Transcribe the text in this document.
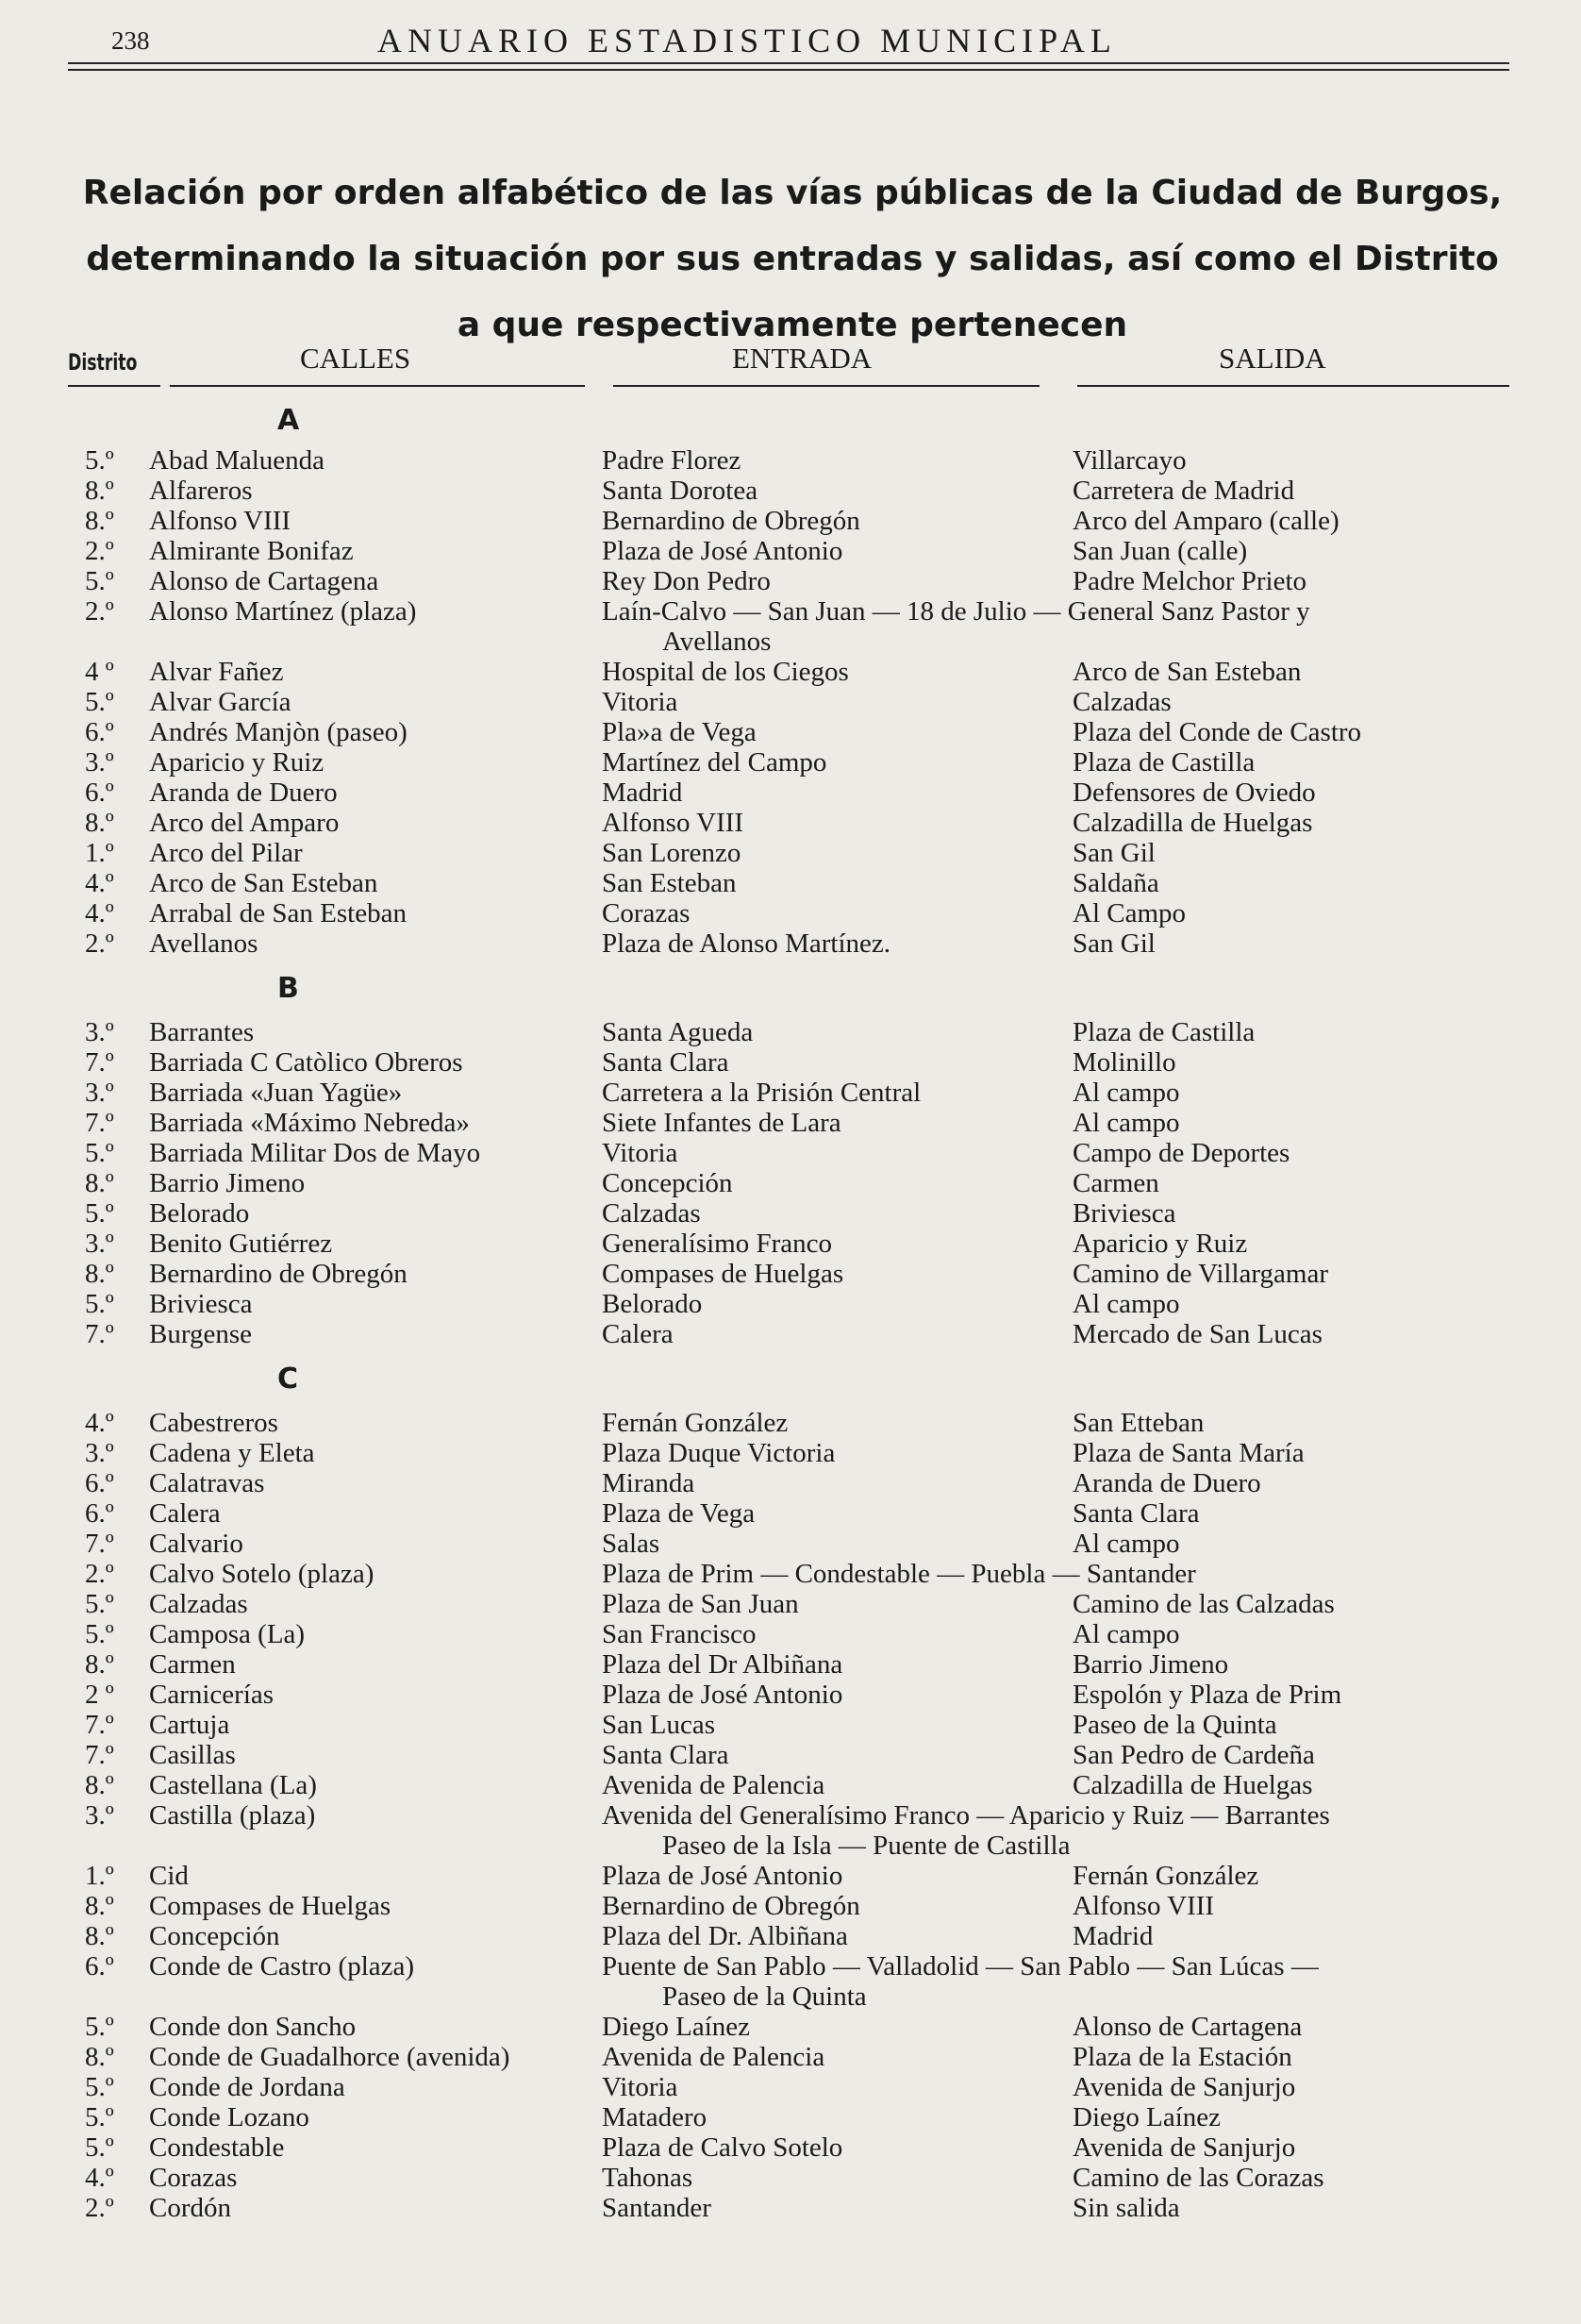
238	ANUARIO ESTADISTICO MUNICIPAL
Relación por orden alfabético de las vías públicas de la Ciudad de Burgos,
determinando la situación por sus entradas y salidas, así como el Distrito
a que respectivamente pertenecen
Distrito	CALLES	ENTRADA	SALIDA
A
B
C
5.º Abad Maluenda	Padre Florez	Villarcayo
8.º Alfareros	Santa Dorotea	Carretera de Madrid
8.º Alfonso VIII	Bernardino de Obregón	Arco del Amparo (calle)
2.º Almirante Bonifaz	Plaza de José Antonio	San Juan (calle)
5.º Alonso de Cartagena	Rey Don Pedro	Padre Melchor Prieto
2.º Alonso Martínez (plaza)	Laín-Calvo — San Juan — 18 de Julio — General Sanz Pastor y
Avellanos
4 º Alvar Fañez	Hospital de los Ciegos	Arco de San Esteban
5.º Alvar García	Vitoria	Calzadas
6.º Andrés Manjòn (paseo)	Pla»a de Vega	Plaza del Conde de Castro
3.º Aparicio y Ruiz	Martínez del Campo	Plaza de Castilla
6.º Aranda de Duero	Madrid	Defensores de Oviedo
8.º Arco del Amparo	Alfonso VIII	Calzadilla de Huelgas
1.º Arco del Pilar	San Lorenzo	San Gil
4.º Arco de San Esteban	San Esteban	Saldaña
4.º Arrabal de San Esteban	Corazas	Al Campo
2.º Avellanos	Plaza de Alonso Martínez.	San Gil
3.º Barrantes	Santa Agueda	Plaza de Castilla
7.º Barriada C Catòlico Obreros	Santa Clara	Molinillo
3.º Barriada «Juan Yagüe»	Carretera a la Prisión Central	Al campo
7.º Barriada «Máximo Nebreda»	Siete Infantes de Lara	Al campo
5.º Barriada Militar Dos de Mayo	Vitoria	Campo de Deportes
8.º Barrio Jimeno	Concepción	Carmen
5.º Belorado	Calzadas	Briviesca
3.º Benito Gutiérrez	Generalísimo Franco	Aparicio y Ruiz
8.º Bernardino de Obregón	Compases de Huelgas	Camino de Villargamar
5.º Briviesca	Belorado	Al campo
7.º Burgense	Calera	Mercado de San Lucas
4.º Cabestreros	Fernán González	San Etteban
3.º Cadena y Eleta	Plaza Duque Victoria	Plaza de Santa María
6.º Calatravas	Miranda	Aranda de Duero
6.º Calera	Plaza de Vega	Santa Clara
7.º Calvario	Salas	Al campo
2.º Calvo Sotelo (plaza)	Plaza de Prim — Condestable — Puebla — Santander
5.º Calzadas	Plaza de San Juan	Camino de las Calzadas
5.º Camposa (La)	San Francisco	Al campo
8.º Carmen	Plaza del Dr Albiñana	Barrio Jimeno
2 º Carnicerías	Plaza de José Antonio	Espolón y Plaza de Prim
7.º Cartuja	San Lucas	Paseo de la Quinta
7.º Casillas	Santa Clara	San Pedro de Cardeña
8.º Castellana (La)	Avenida de Palencia	Calzadilla de Huelgas
3.º Castilla (plaza)	Avenida del Generalísimo Franco — Aparicio y Ruiz — Barrantes
Paseo de la Isla — Puente de Castilla
1.º Cid	Plaza de José Antonio	Fernán González
8.º Compases de Huelgas	Bernardino de Obregón	Alfonso VIII
8.º Concepción	Plaza del Dr. Albiñana	Madrid
6.º Conde de Castro (plaza)	Puente de San Pablo — Valladolid — San Pablo — San Lúcas —
Paseo de la Quinta
5.º Conde don Sancho	Diego Laínez	Alonso de Cartagena
8.º Conde de Guadalhorce (avenida)	Avenida de Palencia	Plaza de la Estación
5.º Conde de Jordana	Vitoria	Avenida de Sanjurjo
5.º Conde Lozano	Matadero	Diego Laínez
5.º Condestable	Plaza de Calvo Sotelo	Avenida de Sanjurjo
4.º Corazas	Tahonas	Camino de las Corazas
2.º Cordón	Santander	Sin salida
